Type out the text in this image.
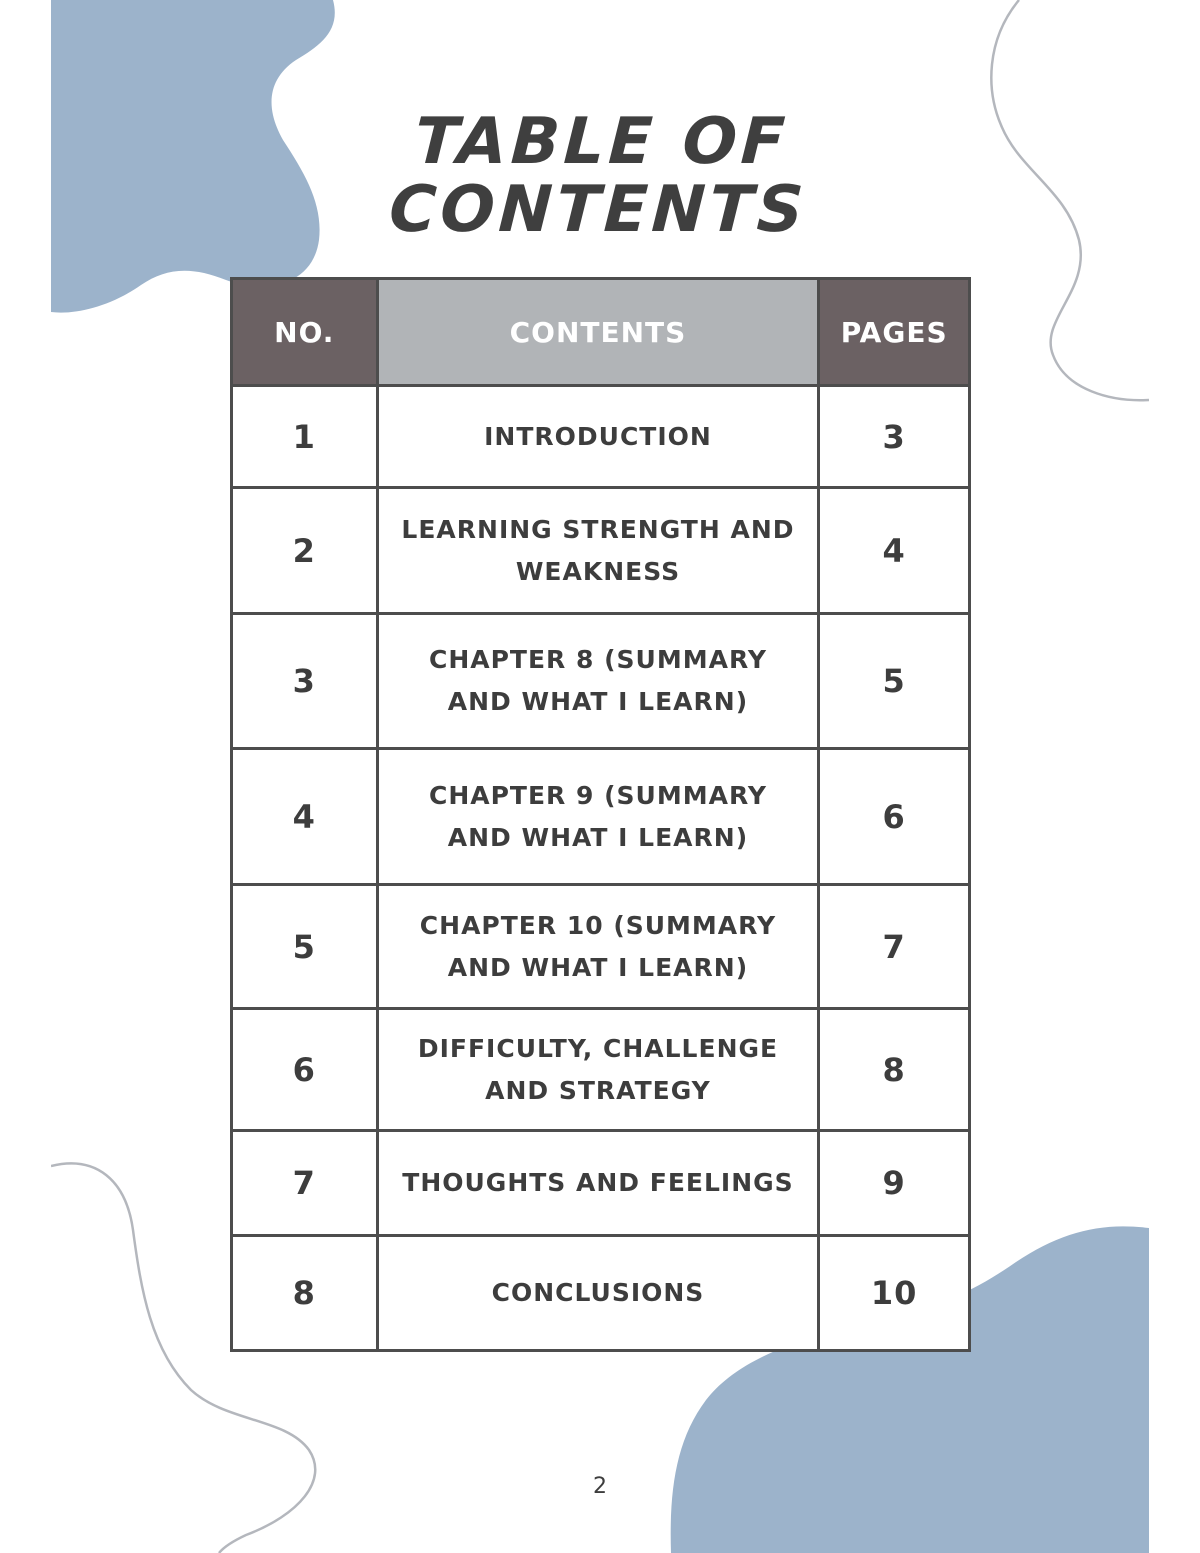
TABLE OF
CONTENTS
NO.	CONTENTS	PAGES
1	INTRODUCTION	3
2	LEARNING STRENGTH AND WEAKNESS	4
3	CHAPTER 8 (SUMMARY AND WHAT I LEARN)	5
4	CHAPTER 9 (SUMMARY AND WHAT I LEARN)	6
5	CHAPTER 10 (SUMMARY AND WHAT I LEARN)	7
6	DIFFICULTY, CHALLENGE AND STRATEGY	8
7	THOUGHTS AND FEELINGS	9
8	CONCLUSIONS	10
2
